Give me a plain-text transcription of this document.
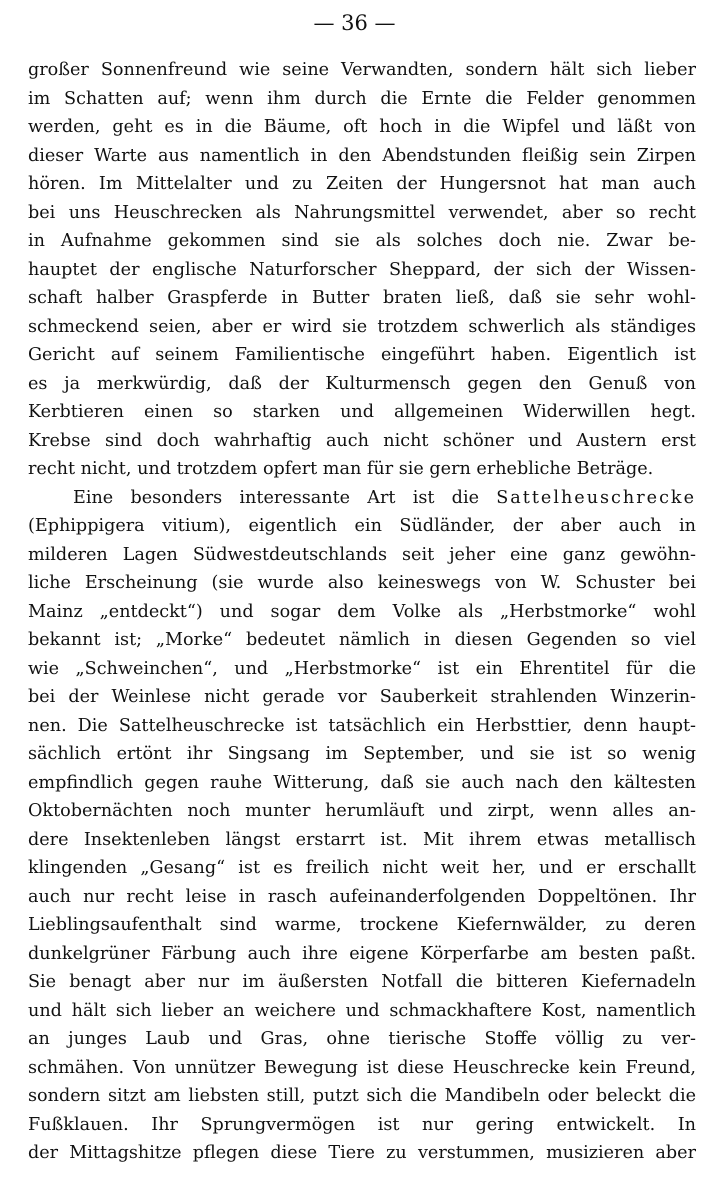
— 36 —
großer Sonnenfreund wie seine Verwandten, sondern hält sich lieber
im Schatten auf; wenn ihm durch die Ernte die Felder genommen
werden, geht es in die Bäume, oft hoch in die Wipfel und läßt von
dieser Warte aus namentlich in den Abendstunden fleißig sein Zirpen
hören. Im Mittelalter und zu Zeiten der Hungersnot hat man auch
bei uns Heuschrecken als Nahrungsmittel verwendet, aber so recht
in Aufnahme gekommen sind sie als solches doch nie. Zwar be-
hauptet der englische Naturforscher Sheppard, der sich der Wissen-
schaft halber Graspferde in Butter braten ließ, daß sie sehr wohl-
schmeckend seien, aber er wird sie trotzdem schwerlich als ständiges
Gericht auf seinem Familientische eingeführt haben. Eigentlich ist
es ja merkwürdig, daß der Kulturmensch gegen den Genuß von
Kerbtieren einen so starken und allgemeinen Widerwillen hegt.
Krebse sind doch wahrhaftig auch nicht schöner und Austern erst
recht nicht, und trotzdem opfert man für sie gern erhebliche Beträge.
Eine besonders interessante Art ist die Sattelheuschrecke
(Ephippigera vitium), eigentlich ein Südländer, der aber auch in
milderen Lagen Südwestdeutschlands seit jeher eine ganz gewöhn-
liche Erscheinung (sie wurde also keineswegs von W. Schuster bei
Mainz „entdeckt“) und sogar dem Volke als „Herbstmorke“ wohl
bekannt ist; „Morke“ bedeutet nämlich in diesen Gegenden so viel
wie „Schweinchen“, und „Herbstmorke“ ist ein Ehrentitel für die
bei der Weinlese nicht gerade vor Sauberkeit strahlenden Winzerin-
nen. Die Sattelheuschrecke ist tatsächlich ein Herbsttier, denn haupt-
sächlich ertönt ihr Singsang im September, und sie ist so wenig
empfindlich gegen rauhe Witterung, daß sie auch nach den kältesten
Oktobernächten noch munter herumläuft und zirpt, wenn alles an-
dere Insektenleben längst erstarrt ist. Mit ihrem etwas metallisch
klingenden „Gesang“ ist es freilich nicht weit her, und er erschallt
auch nur recht leise in rasch aufeinanderfolgenden Doppeltönen. Ihr
Lieblingsaufenthalt sind warme, trockene Kiefernwälder, zu deren
dunkelgrüner Färbung auch ihre eigene Körperfarbe am besten paßt.
Sie benagt aber nur im äußersten Notfall die bitteren Kiefernadeln
und hält sich lieber an weichere und schmackhaftere Kost, namentlich
an junges Laub und Gras, ohne tierische Stoffe völlig zu ver-
schmähen. Von unnützer Bewegung ist diese Heuschrecke kein Freund,
sondern sitzt am liebsten still, putzt sich die Mandibeln oder beleckt die
Fußklauen. Ihr Sprungvermögen ist nur gering entwickelt. In
der Mittagshitze pflegen diese Tiere zu verstummen, musizieren aber
